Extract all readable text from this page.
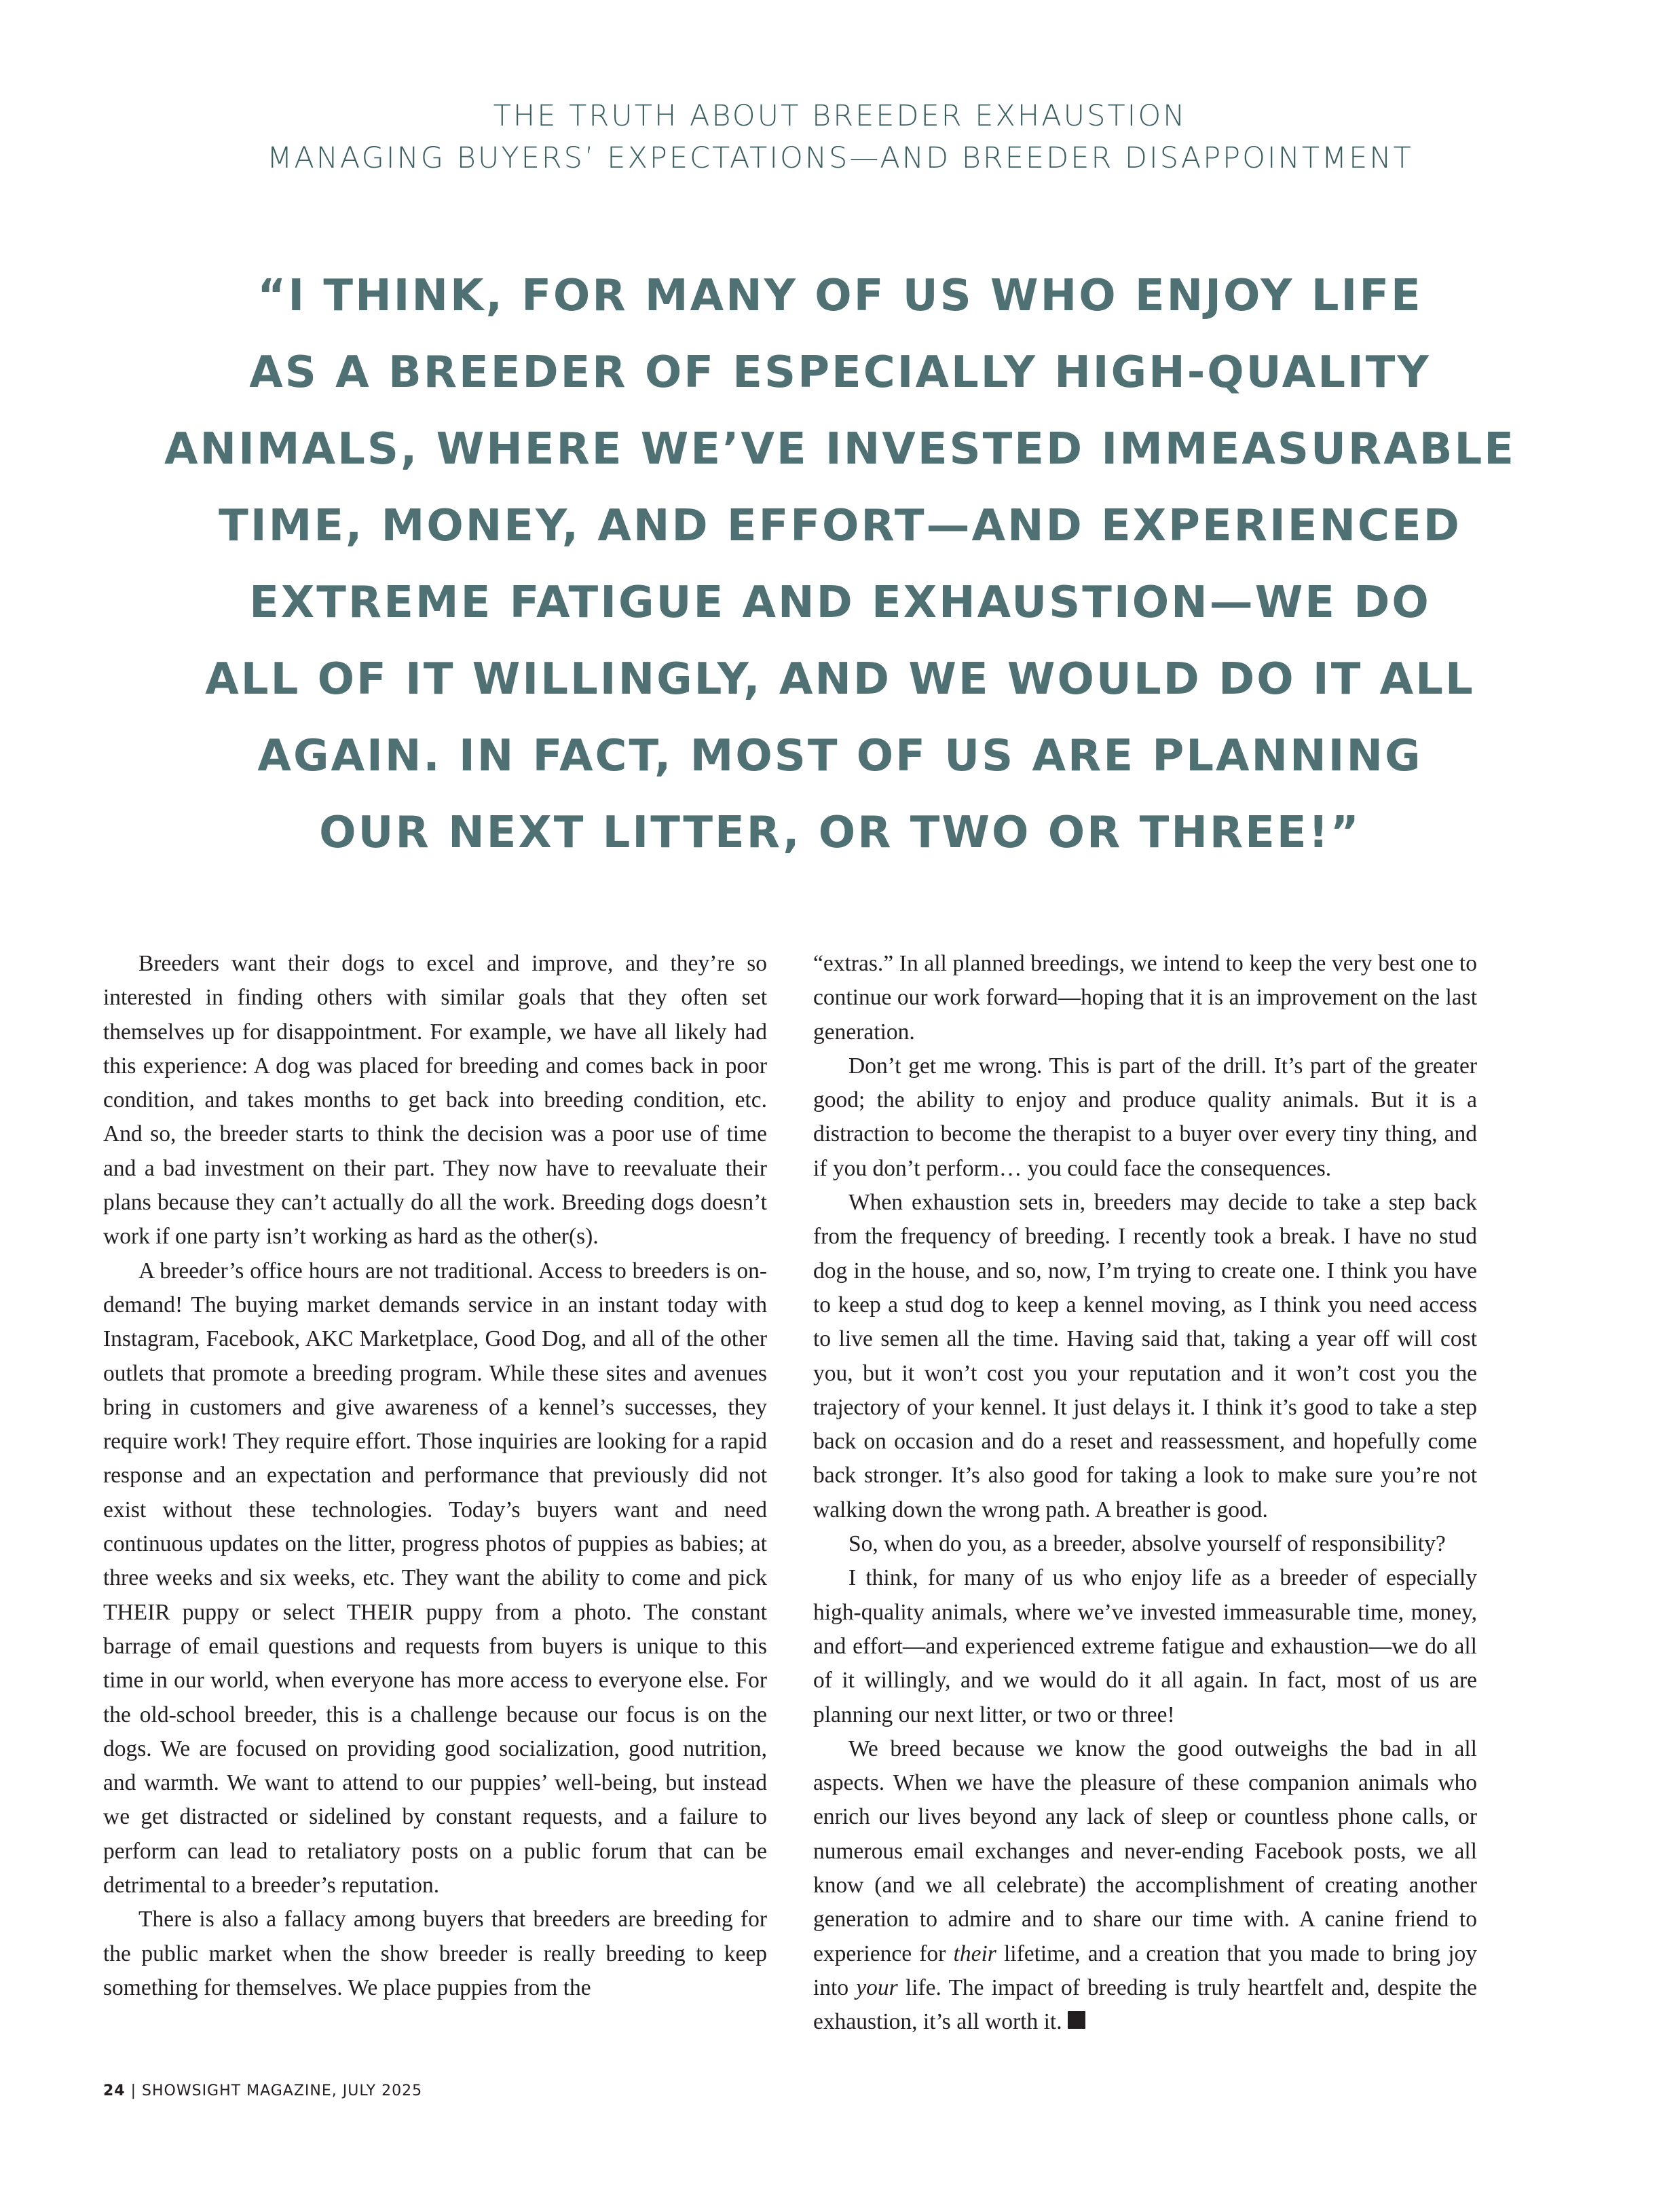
THE TRUTH ABOUT BREEDER EXHAUSTION
MANAGING BUYERS’ EXPECTATIONS—AND BREEDER DISAPPOINTMENT
“I THINK, FOR MANY OF US WHO ENJOY LIFE
AS A BREEDER OF ESPECIALLY HIGH-QUALITY
ANIMALS, WHERE WE’VE INVESTED IMMEASURABLE
TIME, MONEY, AND EFFORT—AND EXPERIENCED
EXTREME FATIGUE AND EXHAUSTION—WE DO
ALL OF IT WILLINGLY, AND WE WOULD DO IT ALL
AGAIN. IN FACT, MOST OF US ARE PLANNING
OUR NEXT LITTER, OR TWO OR THREE!”

Breeders want their dogs to excel and improve, and they’re so interested in finding others with similar goals that they often set themselves up for disappointment. For example, we have all likely had this experience: A dog was placed for breeding and comes back in poor condition, and takes months to get back into breeding condition, etc. And so, the breeder starts to think the decision was a poor use of time and a bad investment on their part. They now have to reevaluate their plans because they can’t actually do all the work. Breeding dogs doesn’t work if one party isn’t working as hard as the other(s).

A breeder’s office hours are not traditional. Access to breeders is on-demand! The buying market demands service in an instant today with Instagram, Facebook, AKC Marketplace, Good Dog, and all of the other outlets that promote a breeding program. While these sites and avenues bring in customers and give awareness of a kennel’s successes, they require work! They require effort. Those inquiries are looking for a rapid response and an expectation and performance that previously did not exist without these technologies. Today’s buyers want and need continuous updates on the litter, progress photos of puppies as babies; at three weeks and six weeks, etc. They want the ability to come and pick THEIR puppy or select THEIR puppy from a photo. The constant barrage of email questions and requests from buyers is unique to this time in our world, when everyone has more access to everyone else. For the old-school breeder, this is a challenge because our focus is on the dogs. We are focused on providing good socialization, good nutrition, and warmth. We want to attend to our puppies’ well-being, but instead we get distracted or sidelined by constant requests, and a failure to perform can lead to retaliatory posts on a public forum that can be detrimental to a breeder’s reputation.

There is also a fallacy among buyers that breeders are breeding for the public market when the show breeder is really breeding to keep something for themselves. We place puppies from the

“extras.” In all planned breedings, we intend to keep the very best one to continue our work forward—hoping that it is an improvement on the last generation.

Don’t get me wrong. This is part of the drill. It’s part of the greater good; the ability to enjoy and produce quality animals. But it is a distraction to become the therapist to a buyer over every tiny thing, and if you don’t perform… you could face the consequences.

When exhaustion sets in, breeders may decide to take a step back from the frequency of breeding. I recently took a break. I have no stud dog in the house, and so, now, I’m trying to create one. I think you have to keep a stud dog to keep a kennel moving, as I think you need access to live semen all the time. Having said that, taking a year off will cost you, but it won’t cost you your reputation and it won’t cost you the trajectory of your kennel. It just delays it. I think it’s good to take a step back on occasion and do a reset and reassessment, and hopefully come back stronger. It’s also good for taking a look to make sure you’re not walking down the wrong path. A breather is good.

So, when do you, as a breeder, absolve yourself of responsibility?

I think, for many of us who enjoy life as a breeder of especially high-quality animals, where we’ve invested immeasurable time, money, and effort—and experienced extreme fatigue and exhaustion—we do all of it willingly, and we would do it all again. In fact, most of us are planning our next litter, or two or three!

We breed because we know the good outweighs the bad in all aspects. When we have the pleasure of these companion animals who enrich our lives beyond any lack of sleep or countless phone calls, or numerous email exchanges and never-ending Facebook posts, we all know (and we all celebrate) the accomplishment of creating another generation to admire and to share our time with. A canine friend to experience for their lifetime, and a creation that you made to bring joy into your life. The impact of breeding is truly heartfelt and, despite the exhaustion, it’s all worth it.

24 | SHOWSIGHT MAGAZINE, JULY 2025
